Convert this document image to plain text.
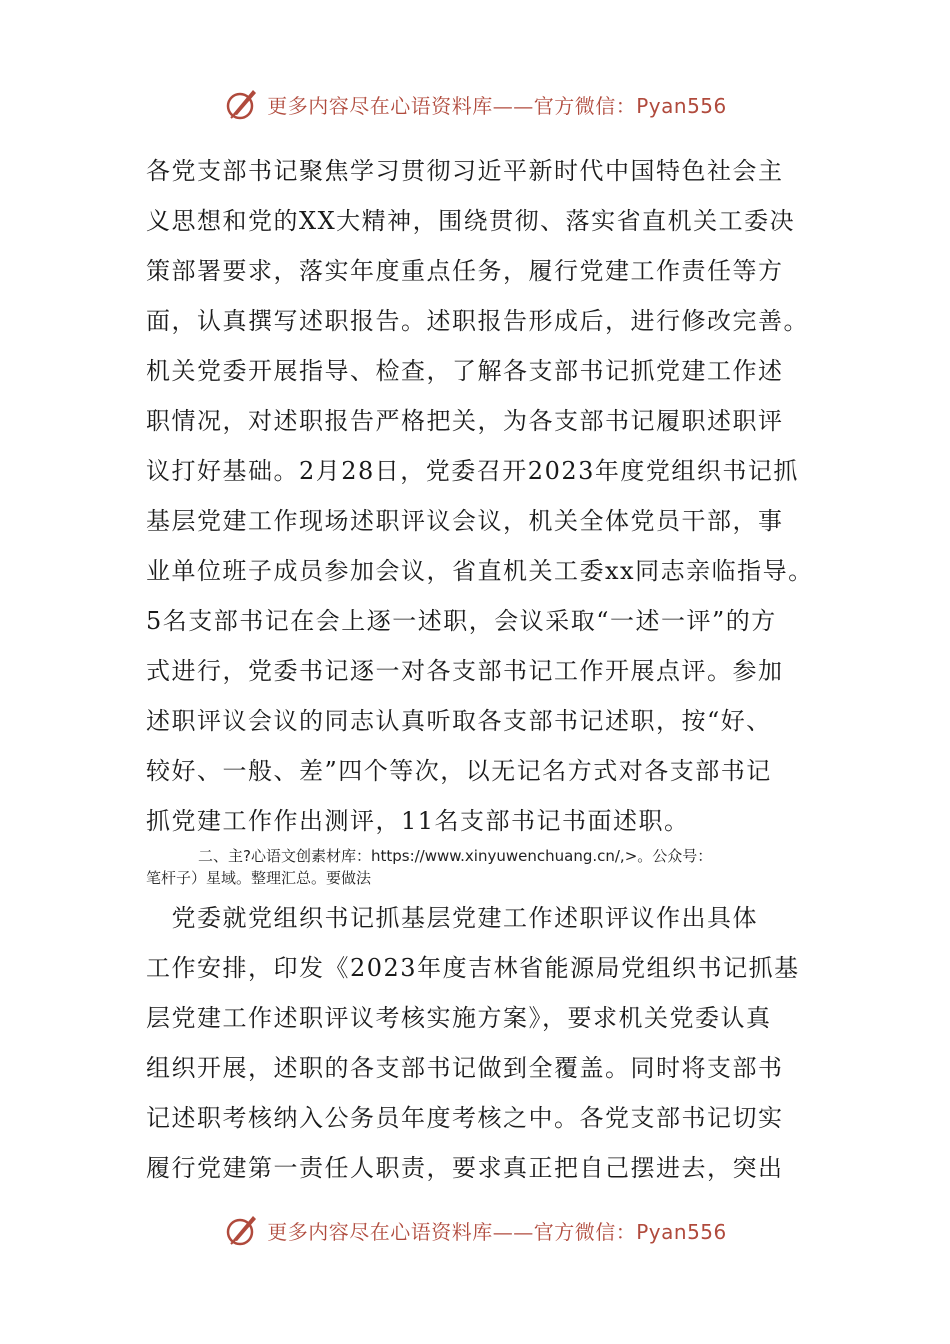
更多内容尽在心语资料库——官方微信：Pyan556
各党支部书记聚焦学习贯彻习近平新时代中国特色社会主
义思想和党的XX大精神，围绕贯彻、落实省直机关工委决
策部署要求，落实年度重点任务，履行党建工作责任等方
面，认真撰写述职报告。述职报告形成后，进行修改完善。
机关党委开展指导、检查，了解各支部书记抓党建工作述
职情况，对述职报告严格把关，为各支部书记履职述职评
议打好基础。2月28日，党委召开2023年度党组织书记抓
基层党建工作现场述职评议会议，机关全体党员干部，事
业单位班子成员参加会议，省直机关工委xx同志亲临指导。
5名支部书记在会上逐一述职，会议采取“一述一评”的方
式进行，党委书记逐一对各支部书记工作开展点评。参加
述职评议会议的同志认真听取各支部书记述职，按“好、
较好、一般、差”四个等次，以无记名方式对各支部书记
抓党建工作作出测评，11名支部书记书面述职。
二、主?心语文创素材库：https://www.xinyuwenchuang.cn/,>。公众号：
笔杆子）星域。整理汇总。要做法
　党委就党组织书记抓基层党建工作述职评议作出具体
工作安排，印发《2023年度吉林省能源局党组织书记抓基
层党建工作述职评议考核实施方案》，要求机关党委认真
组织开展，述职的各支部书记做到全覆盖。同时将支部书
记述职考核纳入公务员年度考核之中。各党支部书记切实
履行党建第一责任人职责，要求真正把自己摆进去，突出
更多内容尽在心语资料库——官方微信：Pyan556
